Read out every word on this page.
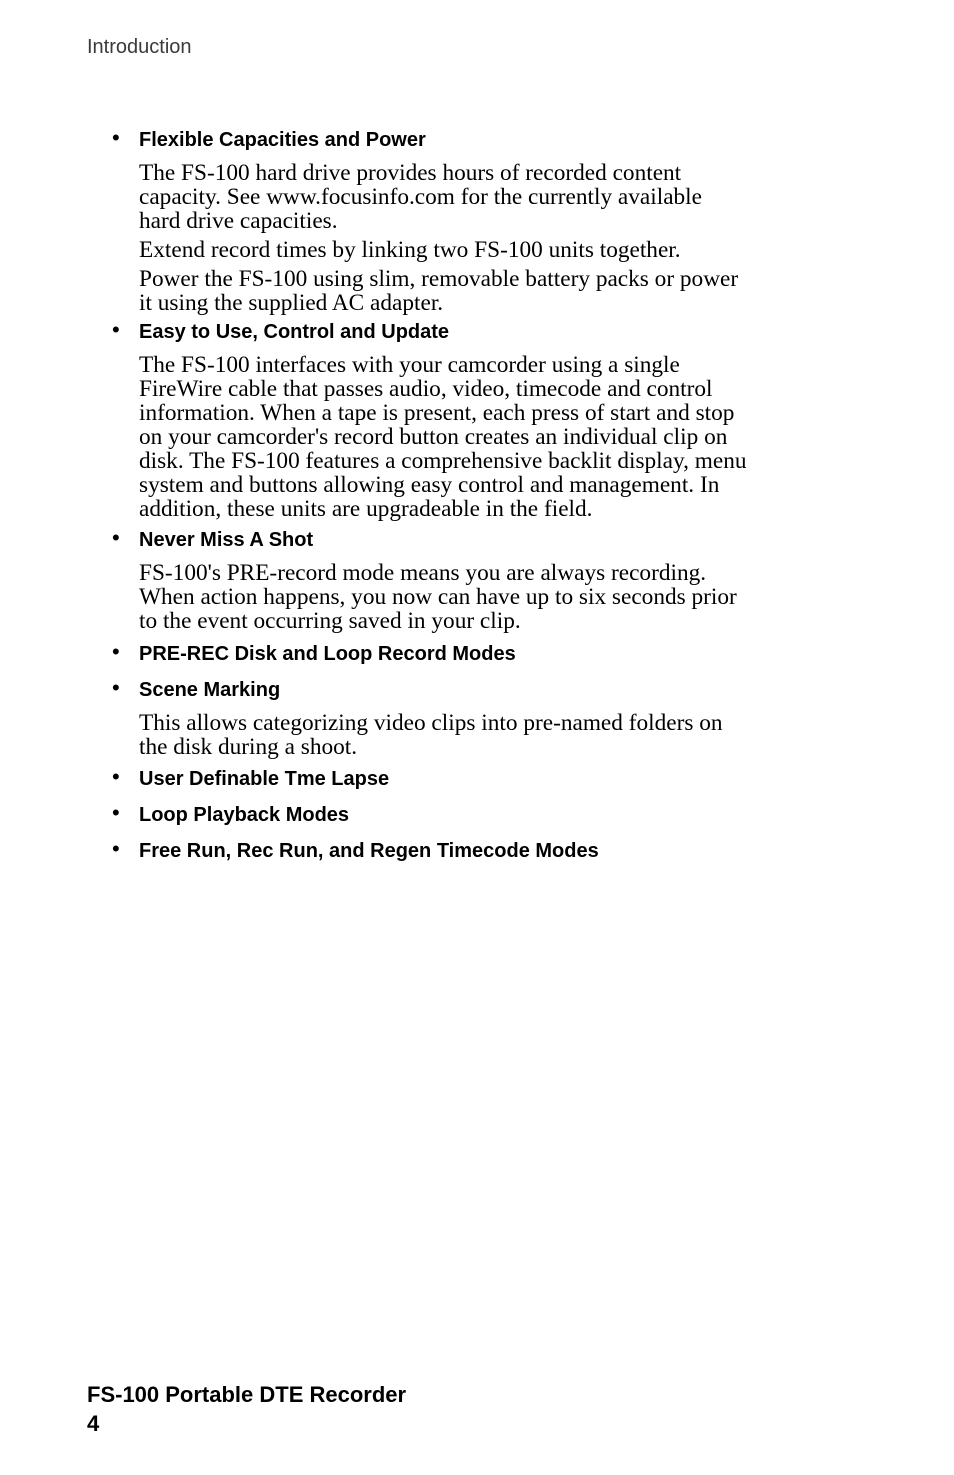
Introduction
• Flexible Capacities and Power

The FS-100 hard drive provides hours of recorded content
capacity. See www.focusinfo.com for the currently available
hard drive capacities.

Extend record times by linking two FS-100 units together.

Power the FS-100 using slim, removable battery packs or power
it using the supplied AC adapter.

• Easy to Use, Control and Update

The FS-100 interfaces with your camcorder using a single
FireWire cable that passes audio, video, timecode and control
information. When a tape is present, each press of start and stop
on your camcorder's record button creates an individual clip on
disk. The FS-100 features a comprehensive backlit display, menu
system and buttons allowing easy control and management. In
addition, these units are upgradeable in the field.

• Never Miss A Shot

FS-100's PRE-record mode means you are always recording.
When action happens, you now can have up to six seconds prior
to the event occurring saved in your clip.

• PRE-REC Disk and Loop Record Modes
• Scene Marking

This allows categorizing video clips into pre-named folders on
the disk during a shoot.

• User Definable Tme Lapse
• Loop Playback Modes
• Free Run, Rec Run, and Regen Timecode Modes
FS-100 Portable DTE Recorder
4
